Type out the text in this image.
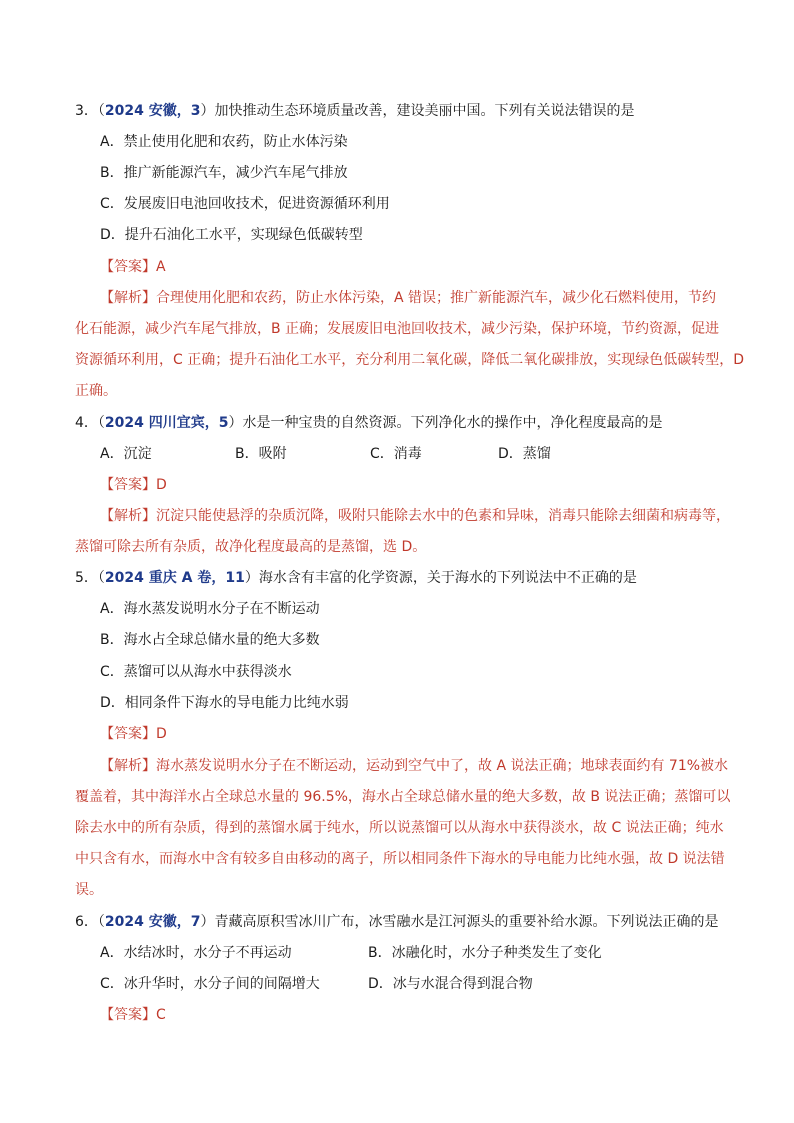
3．（2024 安徽，3）加快推动生态环境质量改善，建设美丽中国。下列有关说法错误的是
A．禁止使用化肥和农药，防止水体污染
B．推广新能源汽车，减少汽车尾气排放
C．发展废旧电池回收技术，促进资源循环利用
D．提升石油化工水平，实现绿色低碳转型
【答案】A
【解析】合理使用化肥和农药，防止水体污染，A 错误；推广新能源汽车，减少化石燃料使用，节约
化石能源，减少汽车尾气排放，B 正确；发展废旧电池回收技术，减少污染，保护环境，节约资源，促进
资源循环利用，C 正确；提升石油化工水平，充分利用二氧化碳，降低二氧化碳排放，实现绿色低碳转型，D
正确。
4．（2024 四川宜宾，5）水是一种宝贵的自然资源。下列净化水的操作中，净化程度最高的是
A．沉淀	B．吸附	C．消毒	D．蒸馏
【答案】D
【解析】沉淀只能使悬浮的杂质沉降，吸附只能除去水中的色素和异味，消毒只能除去细菌和病毒等，
蒸馏可除去所有杂质，故净化程度最高的是蒸馏，选 D。
5．（2024 重庆 A 卷，11）海水含有丰富的化学资源，关于海水的下列说法中不正确的是
A．海水蒸发说明水分子在不断运动
B．海水占全球总储水量的绝大多数
C．蒸馏可以从海水中获得淡水
D．相同条件下海水的导电能力比纯水弱
【答案】D
【解析】海水蒸发说明水分子在不断运动，运动到空气中了，故 A 说法正确；地球表面约有 71%被水
覆盖着，其中海洋水占全球总水量的 96.5%，海水占全球总储水量的绝大多数，故 B 说法正确；蒸馏可以
除去水中的所有杂质，得到的蒸馏水属于纯水，所以说蒸馏可以从海水中获得淡水，故 C 说法正确；纯水
中只含有水，而海水中含有较多自由移动的离子，所以相同条件下海水的导电能力比纯水强，故 D 说法错
误。
6．（2024 安徽，7）青藏高原积雪冰川广布，冰雪融水是江河源头的重要补给水源。下列说法正确的是
A．水结冰时，水分子不再运动	B．冰融化时，水分子种类发生了变化
C．冰升华时，水分子间的间隔增大	D．冰与水混合得到混合物
【答案】C
